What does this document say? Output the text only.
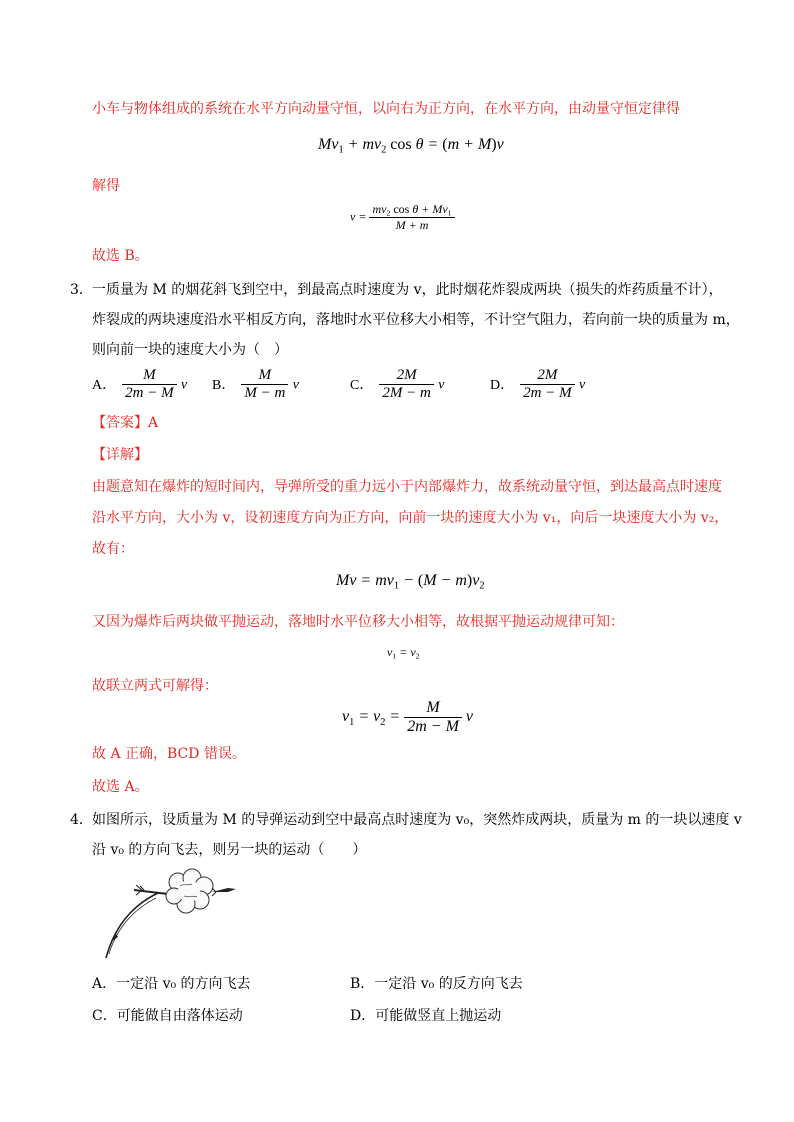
小车与物体组成的系统在水平方向动量守恒，以向右为正方向，在水平方向，由动量守恒定律得
$Mv_1 + mv_2$ cos θ = (m + M)v
解得
$v = \frac{mv_2 \cos \theta + Mv_1}{M + m}$
故选 B。
3． 一质量为 M 的烟花斜飞到空中，到最高点时速度为 v，此时烟花炸裂成两块（损失的炸药质量不计），
炸裂成的两块速度沿水平相反方向，落地时水平位移大小相等，不计空气阻力，若向前一块的质量为 m，
则向前一块的速度大小为（　）
A． $\frac{M}{2m - M}$ v B． $\frac{M}{M - m}$ v	C． $\frac{2M}{2M - m}$ v	D． $\frac{2M}{2m - M}$ v
【答案】A
【详解】
由题意知在爆炸的短时间内，导弹所受的重力远小于内部爆炸力，故系统动量守恒，到达最高点时速度
沿水平方向，大小为 v，设初速度方向为正方向，向前一块的速度大小为 v₁，向后一块速度大小为 v₂，
故有：
$Mv = mv_1 - (M - m)v_2$
又因为爆炸后两块做平抛运动，落地时水平位移大小相等，故根据平抛运动规律可知：
$v_1 = v_2$
故联立两式可解得：
$v_1 = v_2 = \frac{M}{2m - M}$ v
故 A 正确，BCD 错误。
故选 A。
4． 如图所示，设质量为 M 的导弹运动到空中最高点时速度为 v₀，突然炸成两块，质量为 m 的一块以速度 v
沿 v₀ 的方向飞去，则另一块的运动（　　）
A．一定沿 v₀ 的方向飞去	B．一定沿 v₀ 的反方向飞去
C．可能做自由落体运动	D．可能做竖直上抛运动
